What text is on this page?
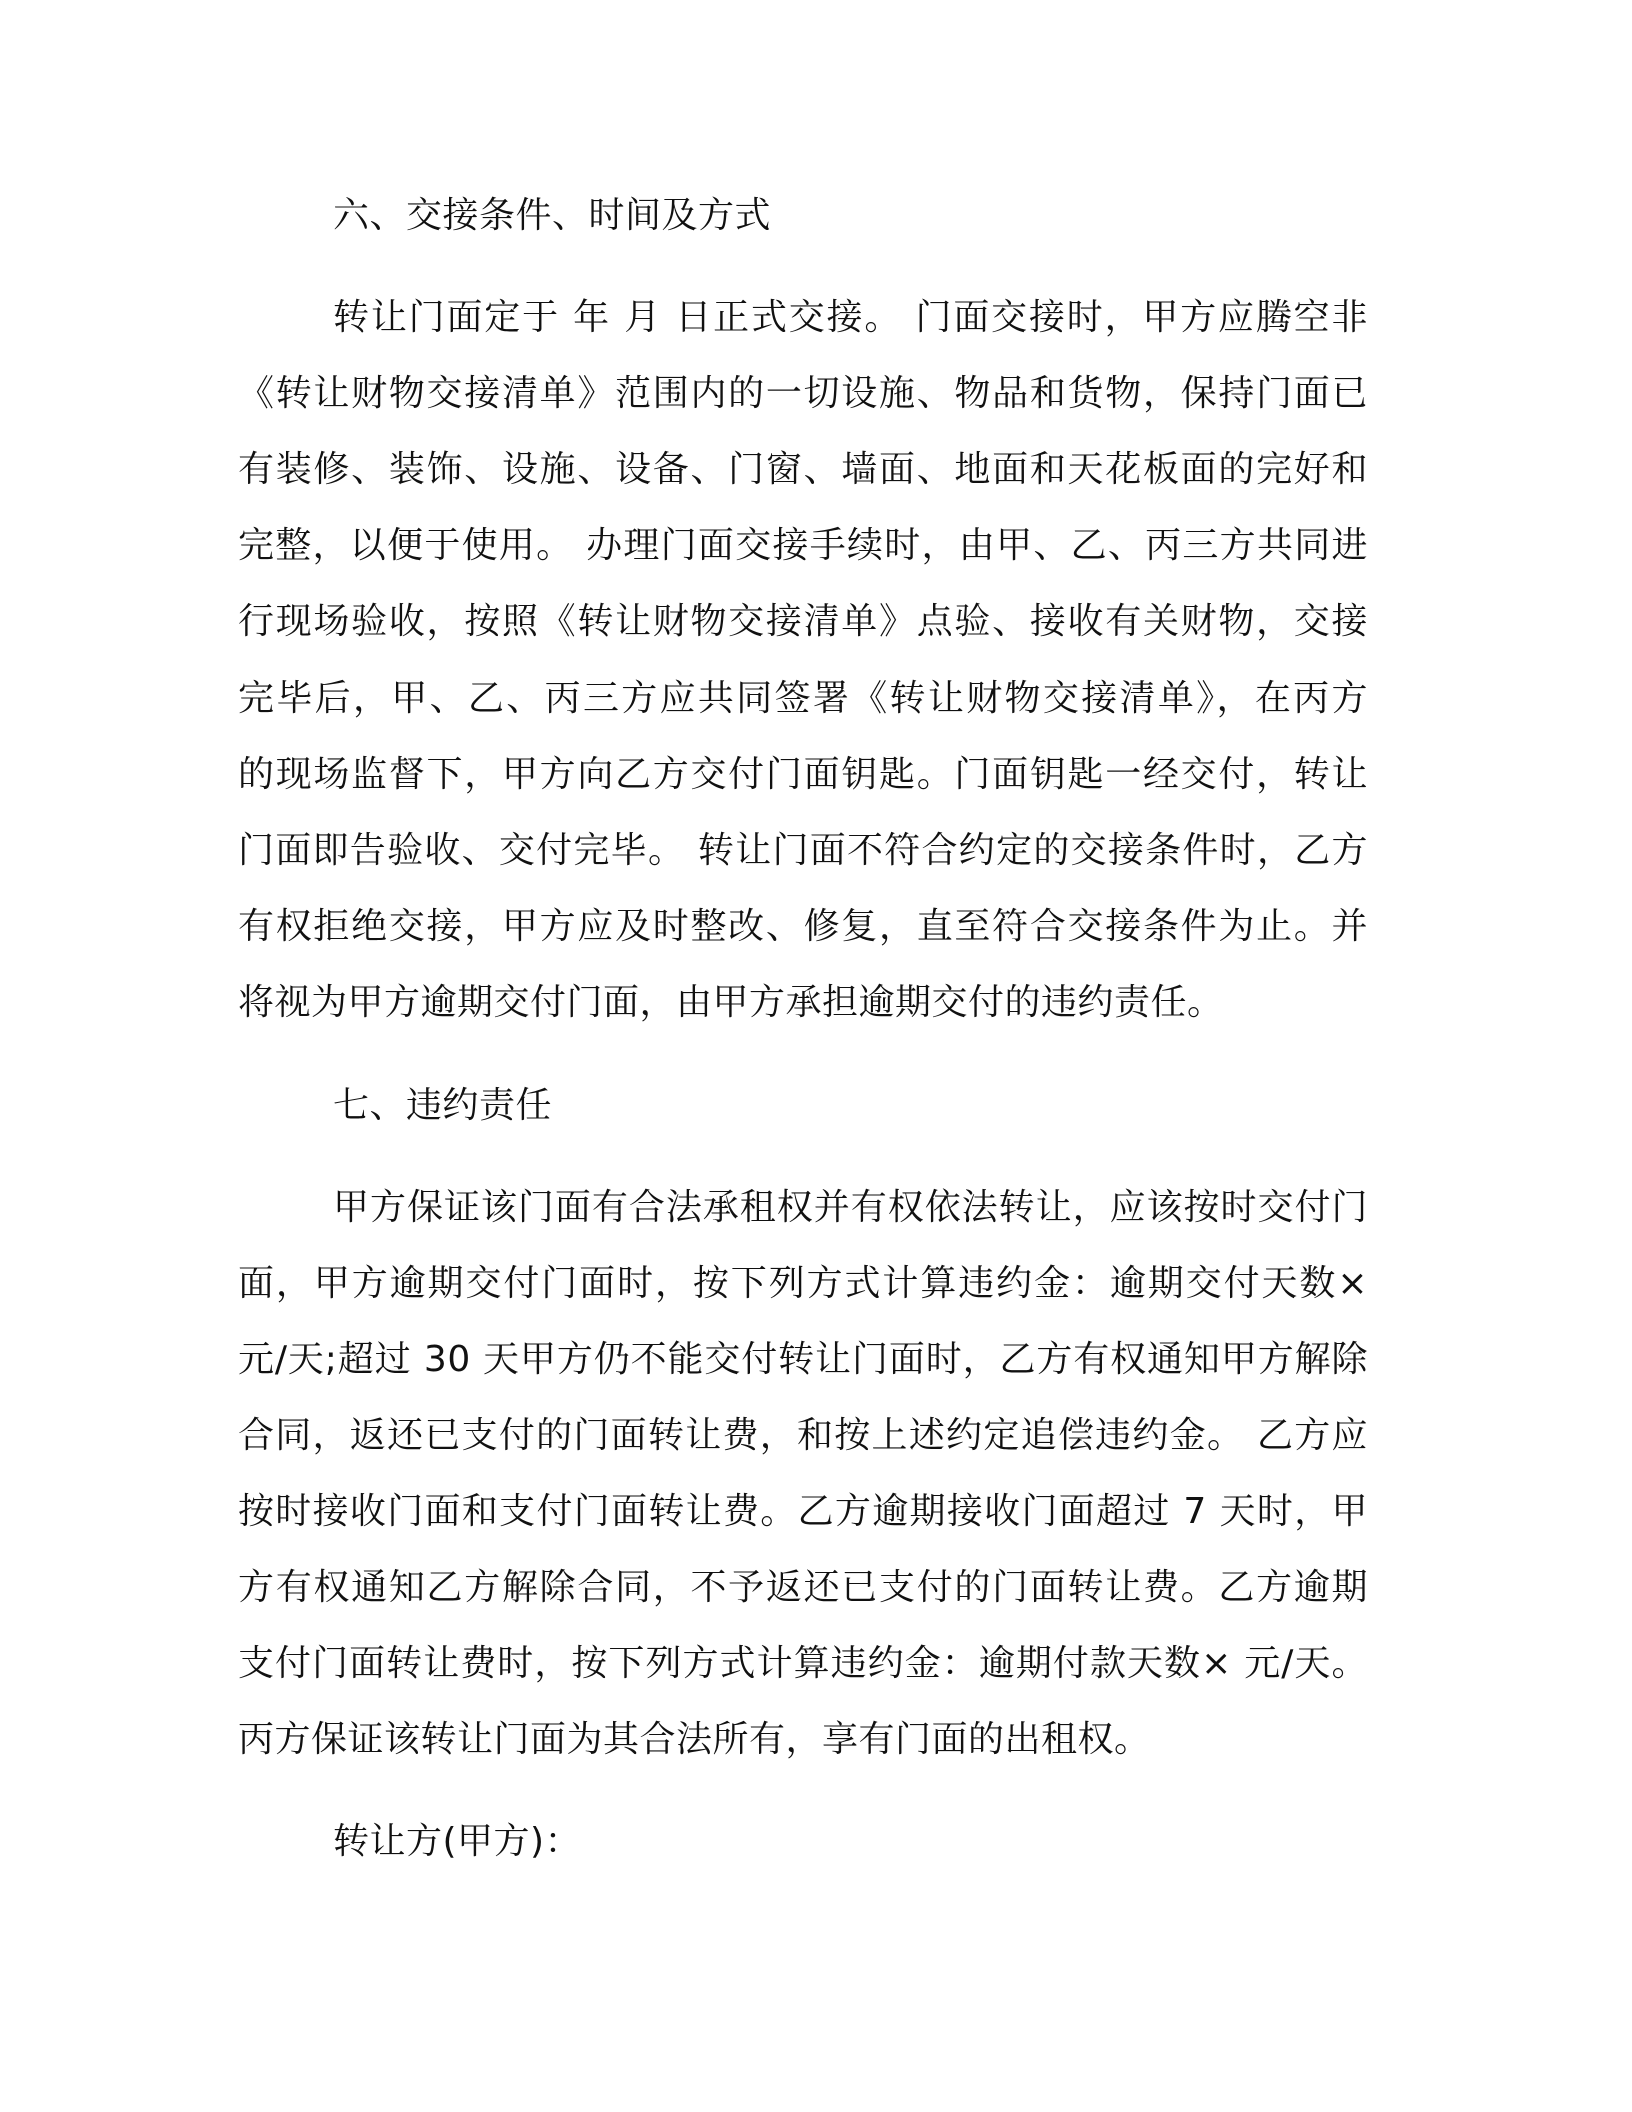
六、交接条件、时间及方式
转让门面定于 年 月 日正式交接。 门面交接时，甲方应腾空非
《转让财物交接清单》范围内的一切设施、物品和货物，保持门面已
有装修、装饰、设施、设备、门窗、墙面、地面和天花板面的完好和
完整，以便于使用。 办理门面交接手续时，由甲、乙、丙三方共同进
行现场验收，按照《转让财物交接清单》点验、接收有关财物，交接
完毕后，甲、乙、丙三方应共同签署《转让财物交接清单》，在丙方
的现场监督下，甲方向乙方交付门面钥匙。门面钥匙一经交付，转让
门面即告验收、交付完毕。 转让门面不符合约定的交接条件时，乙方
有权拒绝交接，甲方应及时整改、修复，直至符合交接条件为止。并
将视为甲方逾期交付门面，由甲方承担逾期交付的违约责任。
七、违约责任
甲方保证该门面有合法承租权并有权依法转让，应该按时交付门
面，甲方逾期交付门面时，按下列方式计算违约金：逾期交付天数×
元/天;超过 30 天甲方仍不能交付转让门面时，乙方有权通知甲方解除
合同，返还已支付的门面转让费，和按上述约定追偿违约金。 乙方应
按时接收门面和支付门面转让费。乙方逾期接收门面超过 7 天时，甲
方有权通知乙方解除合同，不予返还已支付的门面转让费。乙方逾期
支付门面转让费时，按下列方式计算违约金：逾期付款天数× 元/天。
丙方保证该转让门面为其合法所有，享有门面的出租权。
转让方(甲方)：
